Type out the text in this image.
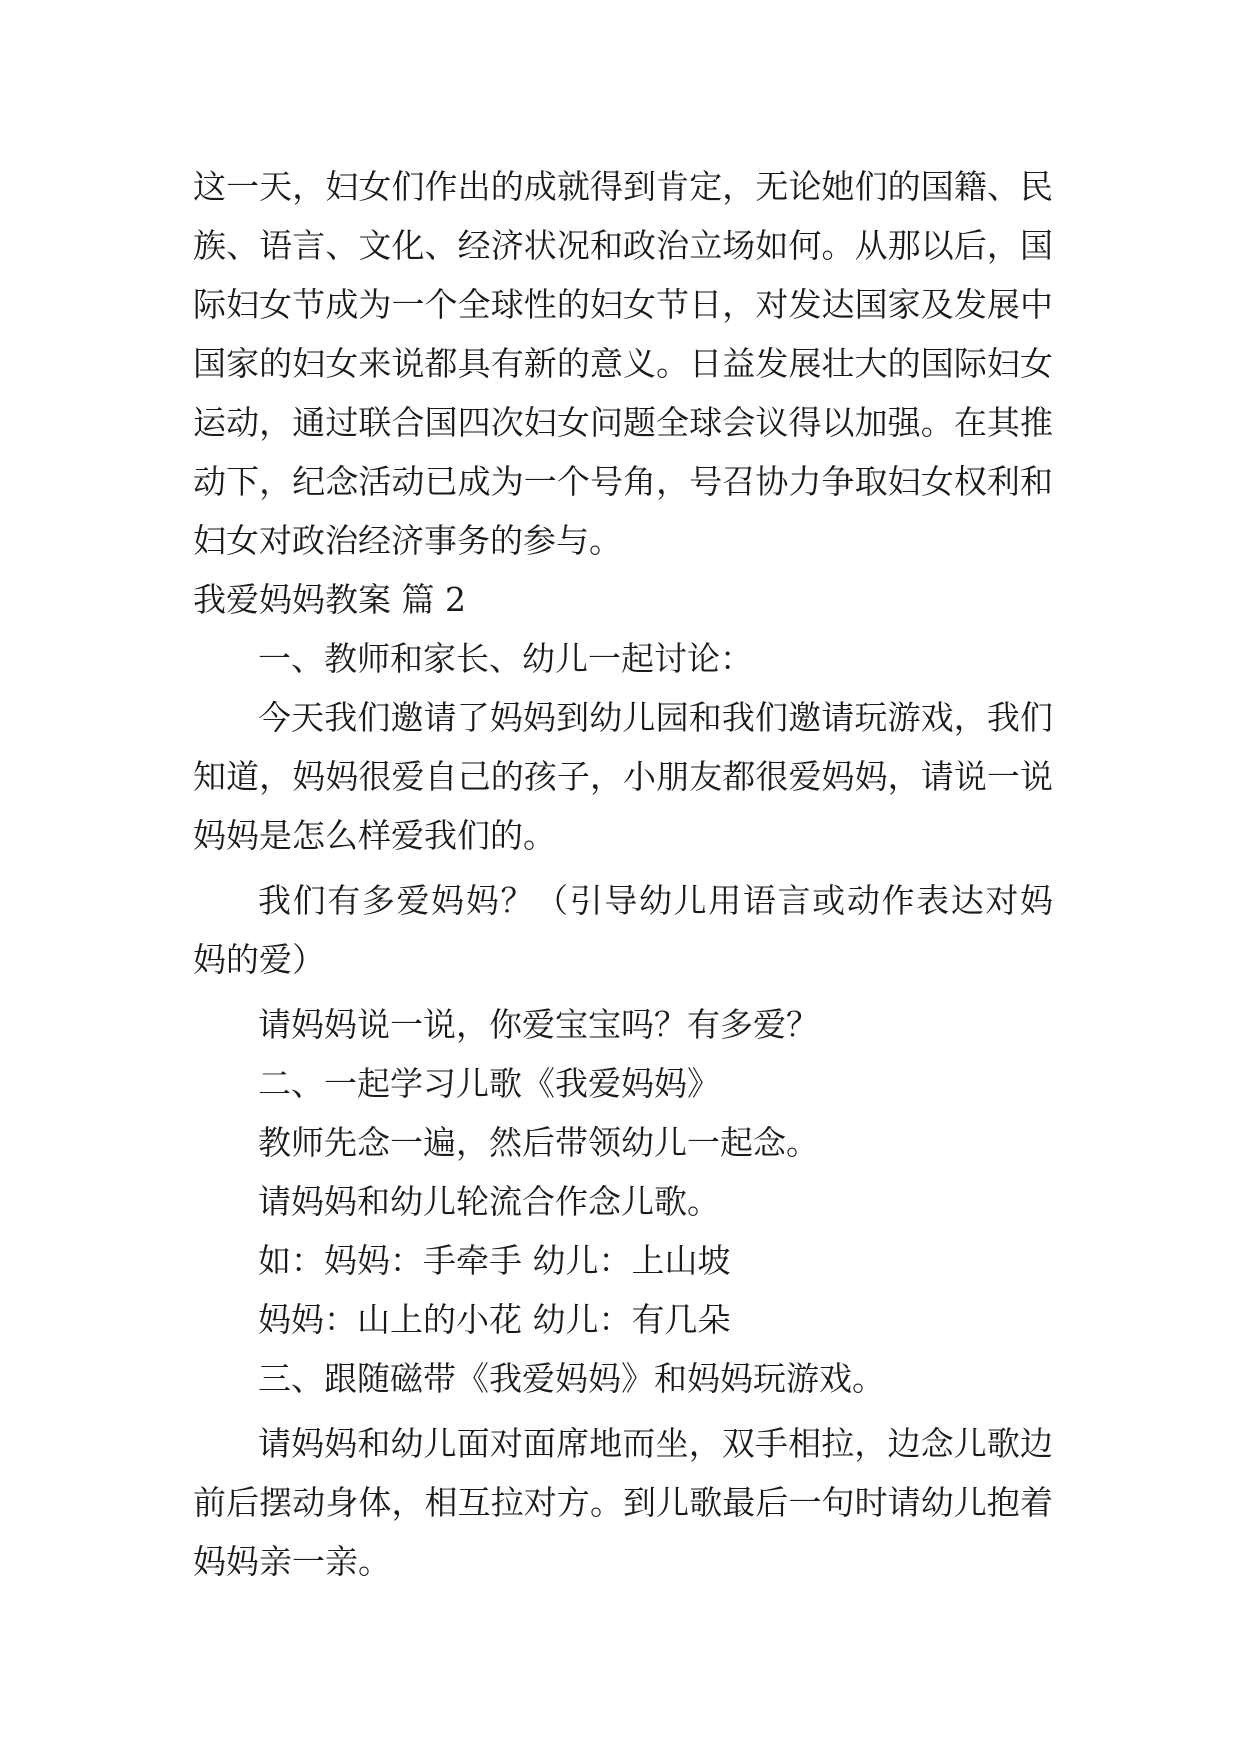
这一天，妇女们作出的成就得到肯定，无论她们的国籍、民
族、语言、文化、经济状况和政治立场如何。从那以后，国
际妇女节成为一个全球性的妇女节日，对发达国家及发展中
国家的妇女来说都具有新的意义。日益发展壮大的国际妇女
运动，通过联合国四次妇女问题全球会议得以加强。在其推
动下，纪念活动已成为一个号角，号召协力争取妇女权利和
妇女对政治经济事务的参与。
我爱妈妈教案 篇 2
一、教师和家长、幼儿一起讨论：
今天我们邀请了妈妈到幼儿园和我们邀请玩游戏，我们
知道，妈妈很爱自己的孩子，小朋友都很爱妈妈，请说一说
妈妈是怎么样爱我们的。
我们有多爱妈妈？（引导幼儿用语言或动作表达对妈
妈的爱）
请妈妈说一说，你爱宝宝吗？有多爱？
二、一起学习儿歌《我爱妈妈》
教师先念一遍，然后带领幼儿一起念。
请妈妈和幼儿轮流合作念儿歌。
如：妈妈：手牵手 幼儿：上山坡
妈妈：山上的小花 幼儿：有几朵
三、跟随磁带《我爱妈妈》和妈妈玩游戏。
请妈妈和幼儿面对面席地而坐，双手相拉，边念儿歌边
前后摆动身体，相互拉对方。到儿歌最后一句时请幼儿抱着
妈妈亲一亲。
